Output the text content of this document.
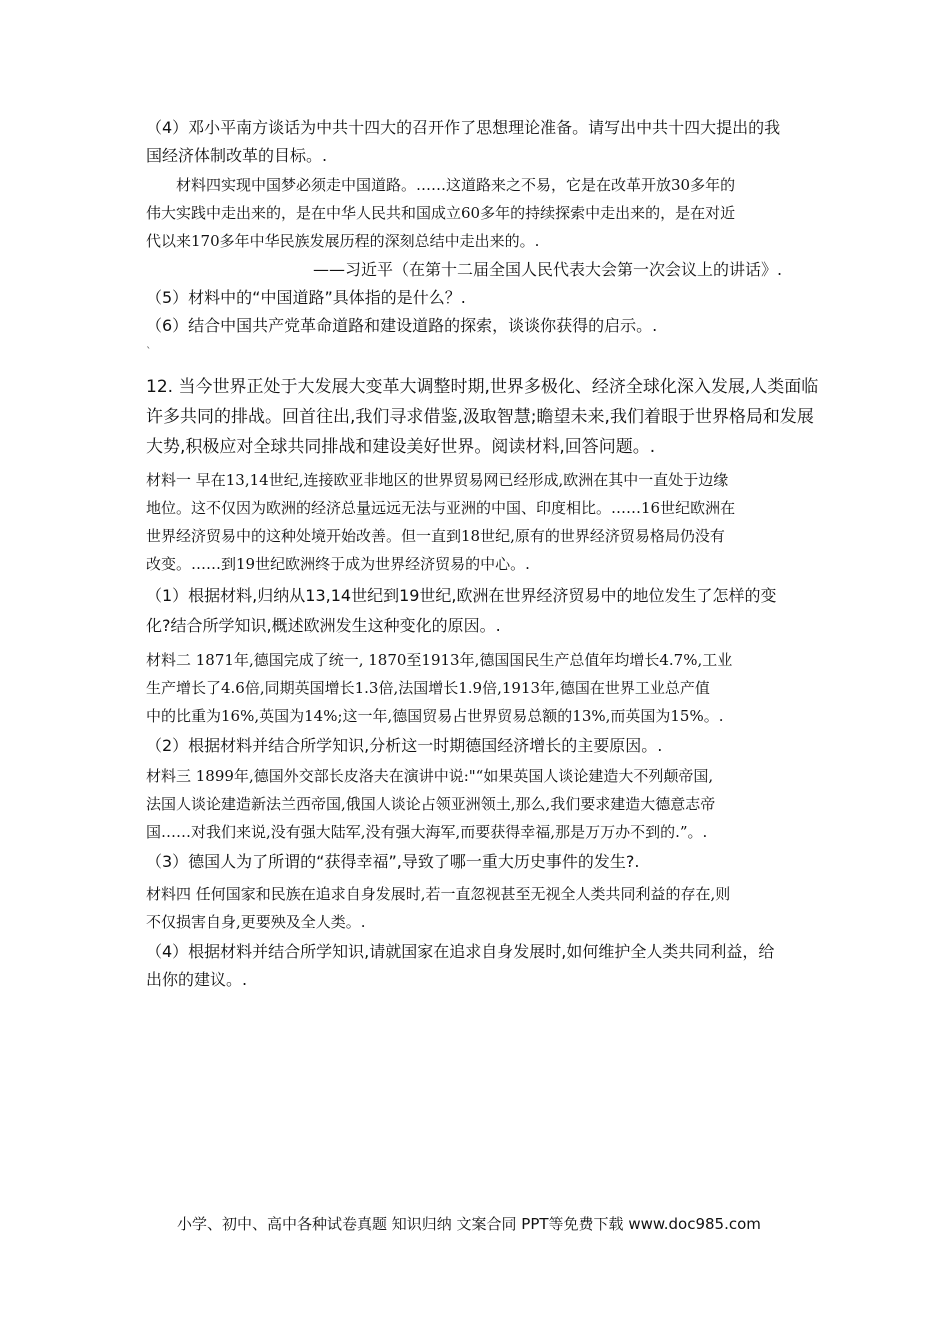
（4）邓小平南方谈话为中共十四大的召开作了思想理论准备。请写出中共十四大提出的我
国经济体制改革的目标。.
材料四实现中国梦必须走中国道路。……这道路来之不易，它是在改革开放30多年的
伟大实践中走出来的，是在中华人民共和国成立60多年的持续探索中走出来的，是在对近
代以来170多年中华民族发展历程的深刻总结中走出来的。.
——习近平（在第十二届全国人民代表大会第一次会议上的讲话》.
（5）材料中的“中国道路”具体指的是什么？.
（6）结合中国共产党革命道路和建设道路的探索，谈谈你获得的启示。.
`
12. 当今世界正处于大发展大变革大调整时期,世界多极化、经济全球化深入发展,人类面临
许多共同的排战。回首往出,我们寻求借鉴,汲取智慧;瞻望未来,我们着眼于世界格局和发展
大势,积极应对全球共同排战和建设美好世界。阅读材料,回答问题。.
材料一 早在13,14世纪,连接欧亚非地区的世界贸易网已经形成,欧洲在其中一直处于边缘
地位。这不仅因为欧洲的经济总量远远无法与亚洲的中国、印度相比。……16世纪欧洲在
世界经济贸易中的这种处境开始改善。但一直到18世纪,原有的世界经济贸易格局仍没有
改变。……到19世纪欧洲终于成为世界经济贸易的中心。.
（1）根据材料,归纳从13,14世纪到19世纪,欧洲在世界经济贸易中的地位发生了怎样的变
化?结合所学知识,概述欧洲发生这种变化的原因。.
材料二 1871年,德国完成了统一, 1870至1913年,德国国民生产总值年均增长4.7%,工业
生产增长了4.6倍,同期英国增长1.3倍,法国增长1.9倍,1913年,德国在世界工业总产值
中的比重为16%,英国为14%;这一年,德国贸易占世界贸易总额的13%,而英国为15%。.
（2）根据材料并结合所学知识,分析这一时期德国经济增长的主要原因。.
材料三 1899年,德国外交部长皮洛夫在演讲中说:"“如果英国人谈论建造大不列颠帝国,
法国人谈论建造新法兰西帝国,俄国人谈论占领亚洲领土,那么,我们要求建造大德意志帝
国……对我们来说,没有强大陆军,没有强大海军,而要获得幸福,那是万万办不到的.”。.
（3）德国人为了所谓的“获得幸福”,导致了哪一重大历史事件的发生?.
材料四 任何国家和民族在追求自身发展时,若一直忽视甚至无视全人类共同利益的存在,则
不仅损害自身,更要殃及全人类。.
（4）根据材料并结合所学知识,请就国家在追求自身发展时,如何维护全人类共同利益，给
出你的建议。.
小学、初中、高中各种试卷真题 知识归纳 文案合同 PPT等免费下载 www.doc985.com
